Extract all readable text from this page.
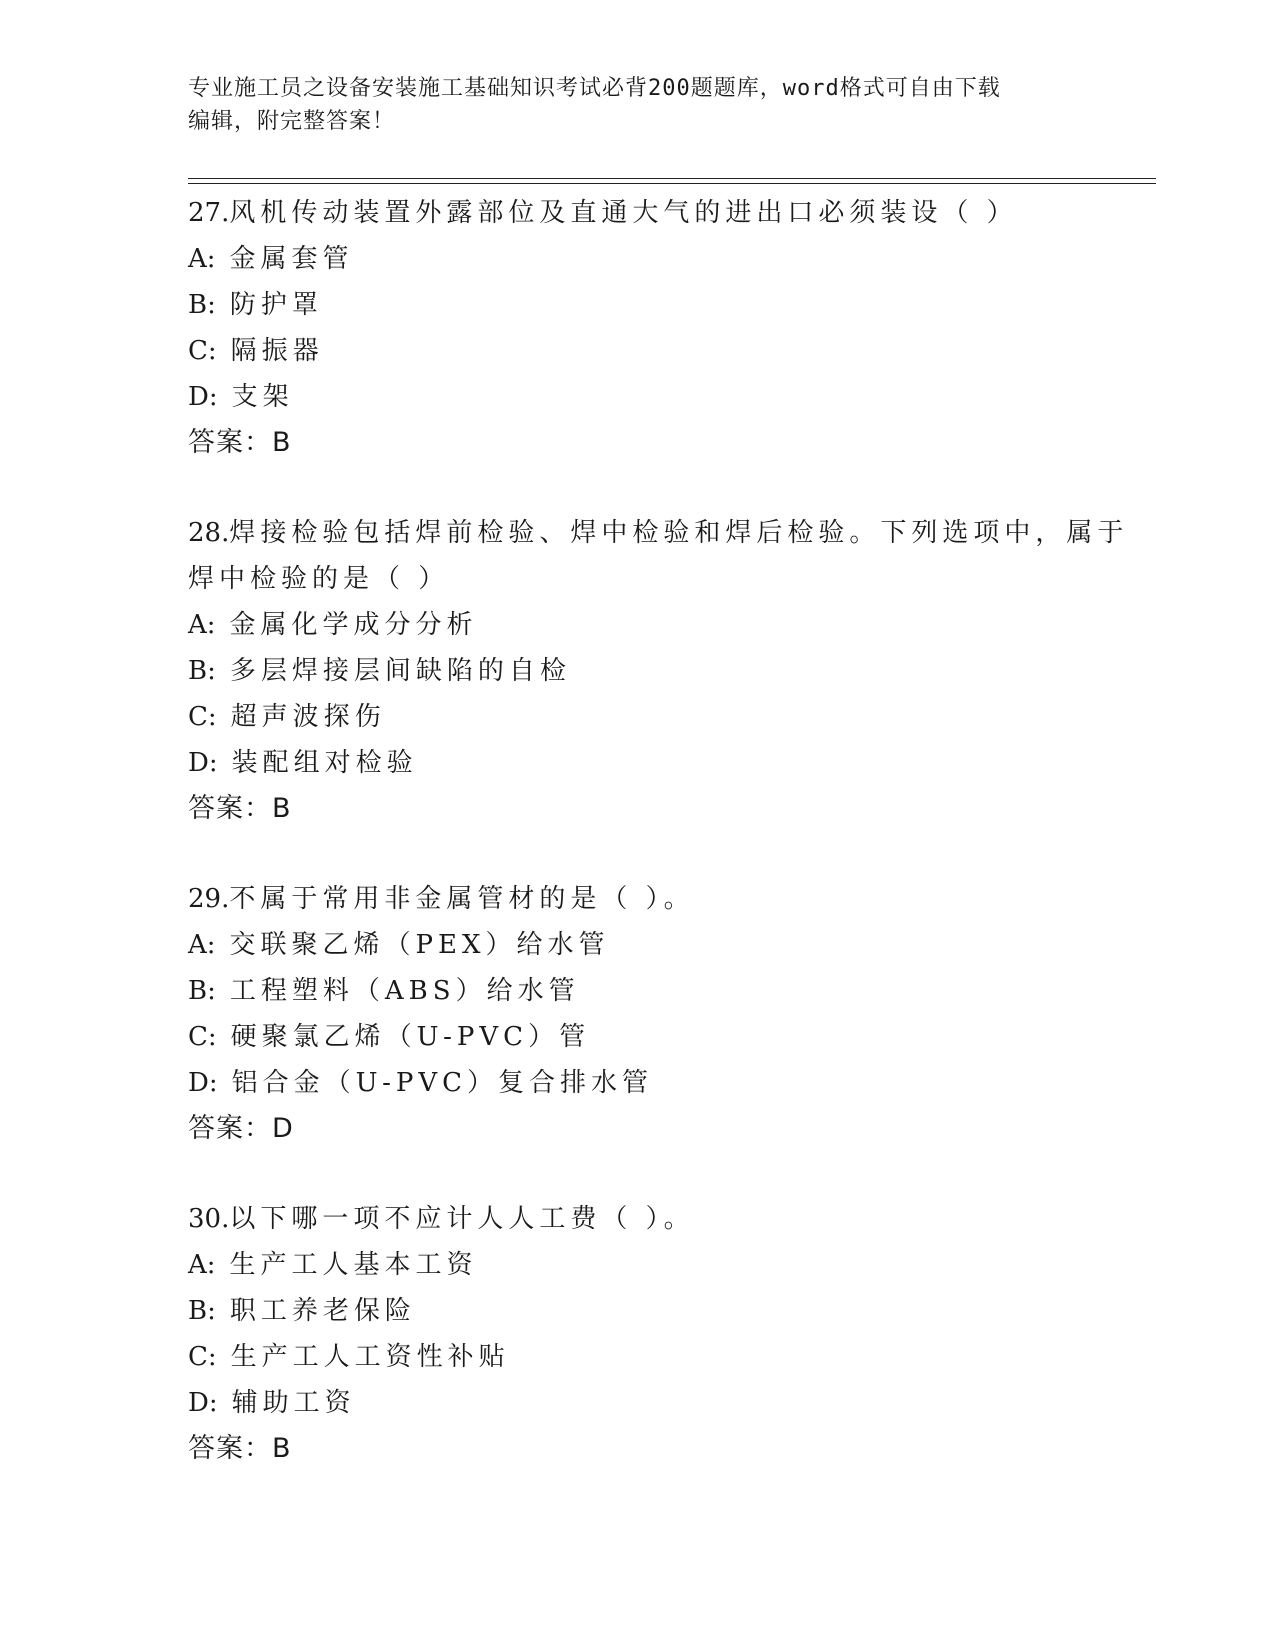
专业施工员之设备安装施工基础知识考试必背200题题库，word格式可自由下载
编辑，附完整答案！
27.风机传动装置外露部位及直通大气的进出口必须装设（ ）
A: 金属套管
B: 防护罩
C: 隔振器
D: 支架
答案：B
28.焊接检验包括焊前检验、焊中检验和焊后检验。下列选项中，属于
焊中检验的是（ ）
A: 金属化学成分分析
B: 多层焊接层间缺陷的自检
C: 超声波探伤
D: 装配组对检验
答案：B
29.不属于常用非金属管材的是（ ）。
A: 交联聚乙烯（PEX）给水管
B: 工程塑料（ABS）给水管
C: 硬聚氯乙烯（U-PVC）管
D: 铝合金（U-PVC）复合排水管
答案：D
30.以下哪一项不应计人人工费（ ）。
A: 生产工人基本工资
B: 职工养老保险
C: 生产工人工资性补贴
D: 辅助工资
答案：B
